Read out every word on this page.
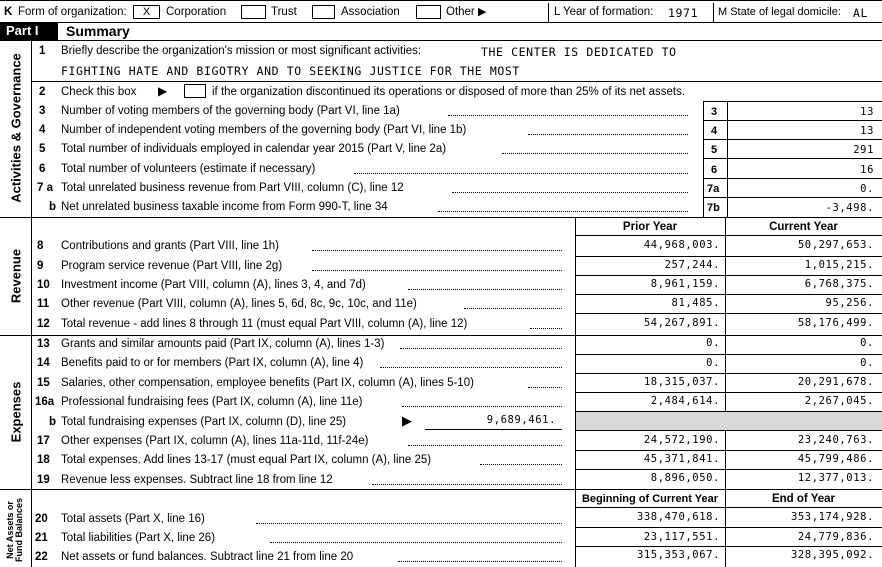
K Form of organization:	X	Corporation	Trust	Association	Other ▶	L Year of formation: 1971 M State of legal domicile: AL
Part I	Summary
Activities & Governance
Revenue
Expenses
Net Assets or Fund Balances
1 Briefly describe the organization's mission or most significant activities:	THE CENTER IS DEDICATED TO
FIGHTING HATE AND BIGOTRY AND TO SEEKING JUSTICE FOR THE MOST
2 Check this box ▶	if the organization discontinued its operations or disposed of more than 25% of its net assets.
3 Number of voting members of the governing body (Part VI, line 1a)	3	13
4 Number of independent voting members of the governing body (Part VI, line 1b)	4	13
5 Total number of individuals employed in calendar year 2015 (Part V, line 2a)	5	291
6 Total number of volunteers (estimate if necessary)	6	16
7 a Total unrelated business revenue from Part VIII, column (C), line 12	7a	0.
b Net unrelated business taxable income from Form 990-T, line 34	7b	-3,498.
Prior Year	Current Year
8 Contributions and grants (Part VIII, line 1h)	44,968,003.	50,297,653.
9 Program service revenue (Part VIII, line 2g)	257,244.	1,015,215.
10 Investment income (Part VIII, column (A), lines 3, 4, and 7d)	8,961,159.	6,768,375.
11 Other revenue (Part VIII, column (A), lines 5, 6d, 8c, 9c, 10c, and 11e)	81,485.	95,256.
12 Total revenue - add lines 8 through 11 (must equal Part VIII, column (A), line 12)	54,267,891.	58,176,499.
13 Grants and similar amounts paid (Part IX, column (A), lines 1-3)	0.	0.
14 Benefits paid to or for members (Part IX, column (A), line 4)	0.	0.
15 Salaries, other compensation, employee benefits (Part IX, column (A), lines 5-10)	18,315,037.	20,291,678.
16a Professional fundraising fees (Part IX, column (A), line 11e)	2,484,614.	2,267,045.
b Total fundraising expenses (Part IX, column (D), line 25)	▶	9,689,461.
17 Other expenses (Part IX, column (A), lines 11a-11d, 11f-24e)	24,572,190.	23,240,763.
18 Total expenses. Add lines 13-17 (must equal Part IX, column (A), line 25)	45,371,841.	45,799,486.
19 Revenue less expenses. Subtract line 18 from line 12	8,896,050.	12,377,013.
Beginning of Current Year	End of Year
20 Total assets (Part X, line 16)	338,470,618.	353,174,928.
21 Total liabilities (Part X, line 26)	23,117,551.	24,779,836.
22 Net assets or fund balances. Subtract line 21 from line 20	315,353,067.	328,395,092.
